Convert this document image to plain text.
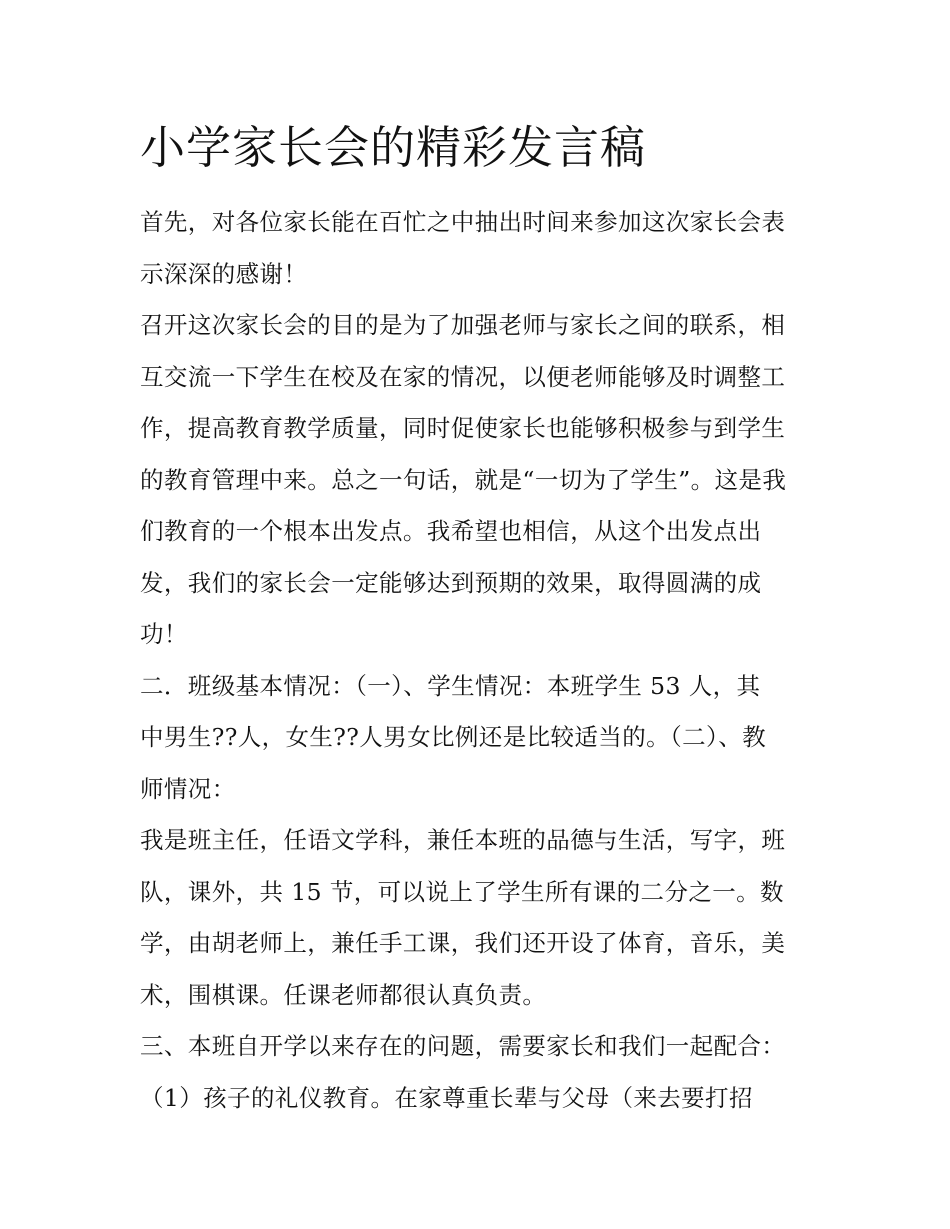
小学家长会的精彩发言稿
首先，对各位家长能在百忙之中抽出时间来参加这次家长会表
示深深的感谢！
召开这次家长会的目的是为了加强老师与家长之间的联系，相
互交流一下学生在校及在家的情况，以便老师能够及时调整工
作，提高教育教学质量，同时促使家长也能够积极参与到学生
的教育管理中来。总之一句话，就是“一切为了学生”。这是我
们教育的一个根本出发点。我希望也相信，从这个出发点出
发，我们的家长会一定能够达到预期的效果，取得圆满的成
功！
二．班级基本情况：（一）、学生情况：本班学生 53 人，其
中男生??人，女生??人男女比例还是比较适当的。（二）、教
师情况：
我是班主任，任语文学科，兼任本班的品德与生活，写字，班
队，课外，共 15 节，可以说上了学生所有课的二分之一。数
学，由胡老师上，兼任手工课，我们还开设了体育，音乐，美
术，围棋课。任课老师都很认真负责。
三、本班自开学以来存在的问题，需要家长和我们一起配合：
（1）孩子的礼仪教育。在家尊重长辈与父母（来去要打招
